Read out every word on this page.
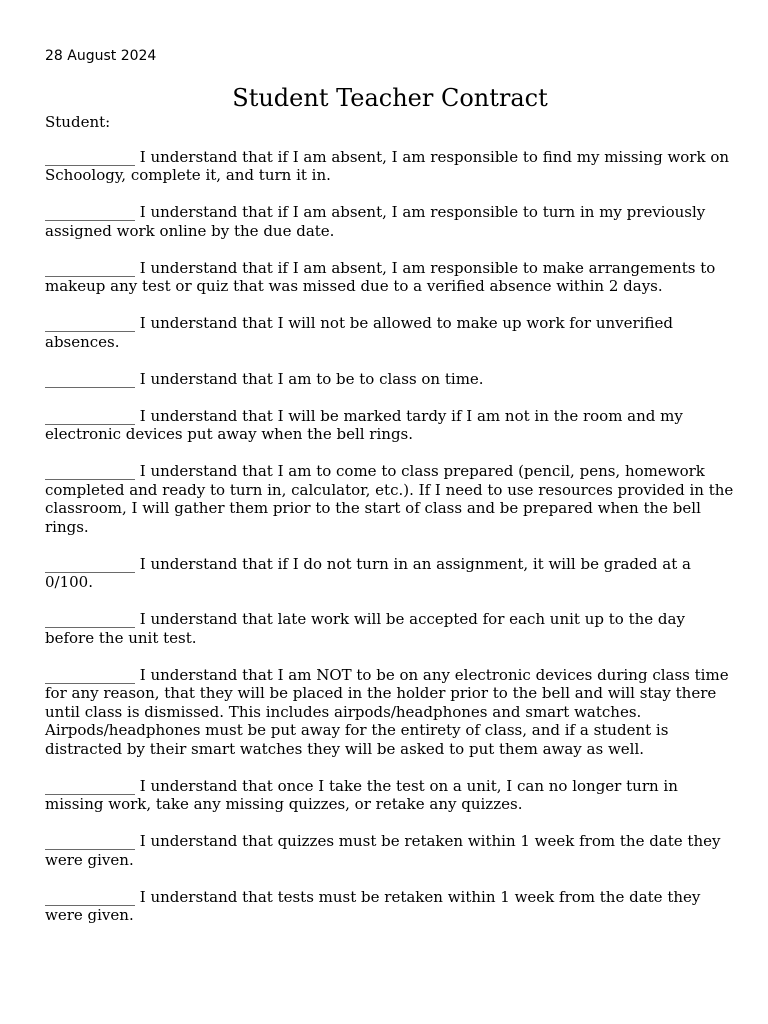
28 August 2024

Student Teacher Contract

Student:

____________ I understand that if I am absent, I am responsible to find my missing work on Schoology, complete it, and turn it in.
____________ I understand that if I am absent, I am responsible to turn in my previously assigned work online by the due date.
____________ I understand that if I am absent, I am responsible to make arrangements to makeup any test or quiz that was missed due to a verified absence within 2 days.
____________ I understand that I will not be allowed to make up work for unverified absences.
____________ I understand that I am to be to class on time.
____________ I understand that I will be marked tardy if I am not in the room and my electronic devices put away when the bell rings.
____________ I understand that I am to come to class prepared (pencil, pens, homework completed and ready to turn in, calculator, etc.). If I need to use resources provided in the classroom, I will gather them prior to the start of class and be prepared when the bell rings.
____________ I understand that if I do not turn in an assignment, it will be graded at a 0/100.
____________ I understand that late work will be accepted for each unit up to the day before the unit test.
____________ I understand that I am NOT to be on any electronic devices during class time for any reason, that they will be placed in the holder prior to the bell and will stay there until class is dismissed. This includes airpods/headphones and smart watches. Airpods/headphones must be put away for the entirety of class, and if a student is distracted by their smart watches they will be asked to put them away as well.
____________ I understand that once I take the test on a unit, I can no longer turn in missing work, take any missing quizzes, or retake any quizzes.
____________ I understand that quizzes must be retaken within 1 week from the date they were given.
____________ I understand that tests must be retaken within 1 week from the date they were given.
